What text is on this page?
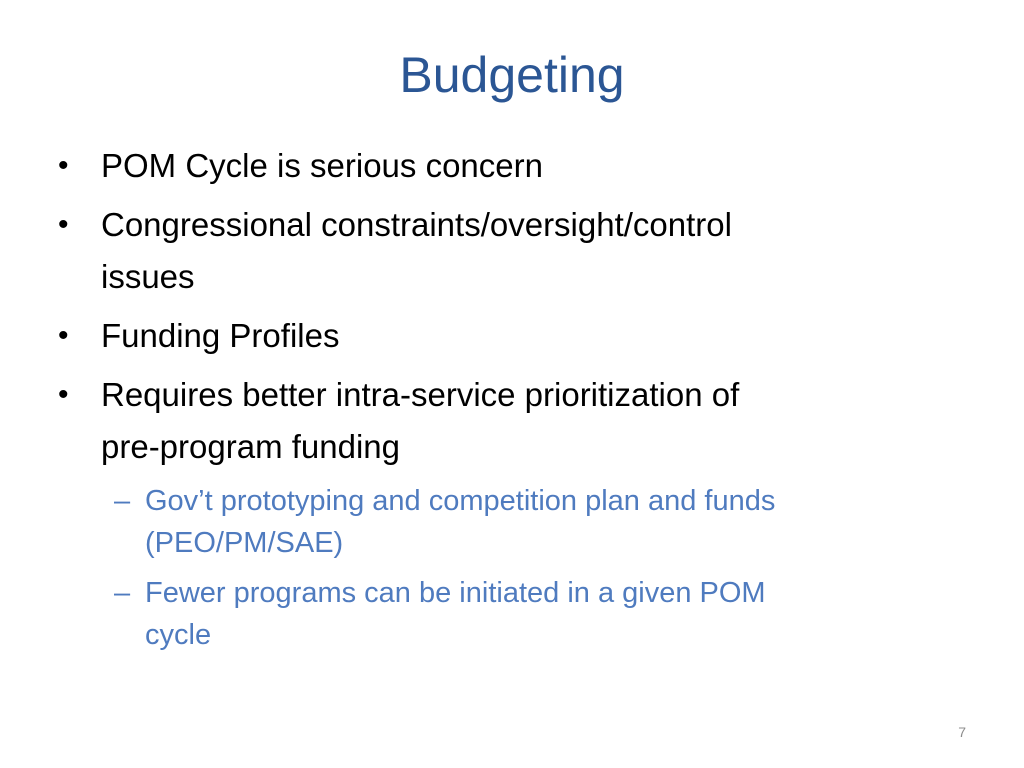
Budgeting
• POM Cycle is serious concern
• Congressional constraints/oversight/control
issues
• Funding Profiles
• Requires better intra-service prioritization of
pre-program funding
– Gov’t prototyping and competition plan and funds
(PEO/PM/SAE)
– Fewer programs can be initiated in a given POM
cycle
7
